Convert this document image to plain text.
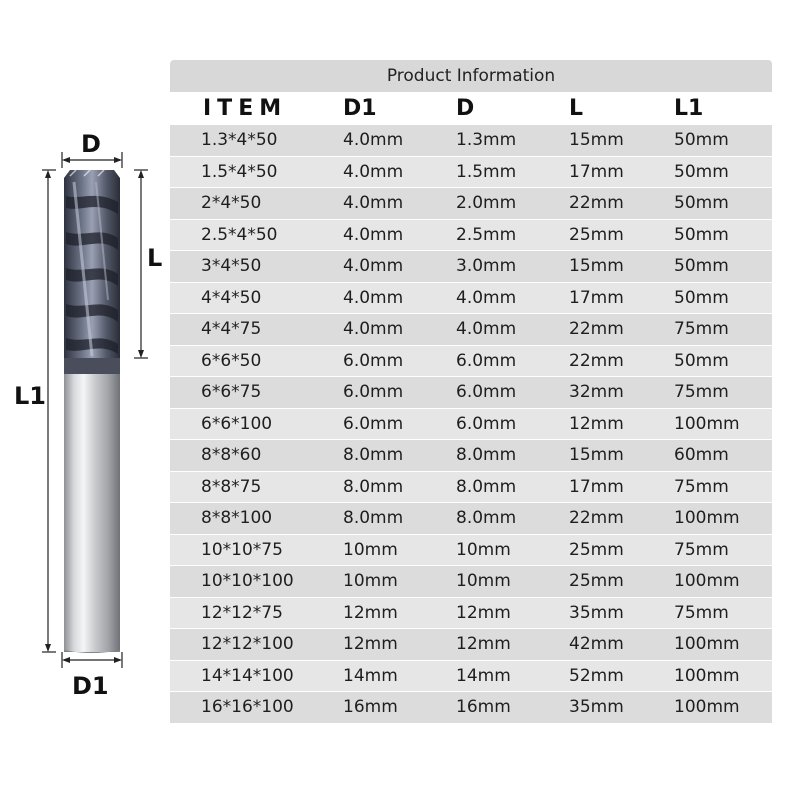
D
L
L1
D1
Product Information
ITEM	D1	D	L	L1
1.3*4*50	4.0mm	1.3mm	15mm	50mm
1.5*4*50	4.0mm	1.5mm	17mm	50mm
2*4*50	4.0mm	2.0mm	22mm	50mm
2.5*4*50	4.0mm	2.5mm	25mm	50mm
3*4*50	4.0mm	3.0mm	15mm	50mm
4*4*50	4.0mm	4.0mm	17mm	50mm
4*4*75	4.0mm	4.0mm	22mm	75mm
6*6*50	6.0mm	6.0mm	22mm	50mm
6*6*75	6.0mm	6.0mm	32mm	75mm
6*6*100	6.0mm	6.0mm	12mm	100mm
8*8*60	8.0mm	8.0mm	15mm	60mm
8*8*75	8.0mm	8.0mm	17mm	75mm
8*8*100	8.0mm	8.0mm	22mm	100mm
10*10*75	10mm	10mm	25mm	75mm
10*10*100	10mm	10mm	25mm	100mm
12*12*75	12mm	12mm	35mm	75mm
12*12*100	12mm	12mm	42mm	100mm
14*14*100	14mm	14mm	52mm	100mm
16*16*100	16mm	16mm	35mm	100mm
